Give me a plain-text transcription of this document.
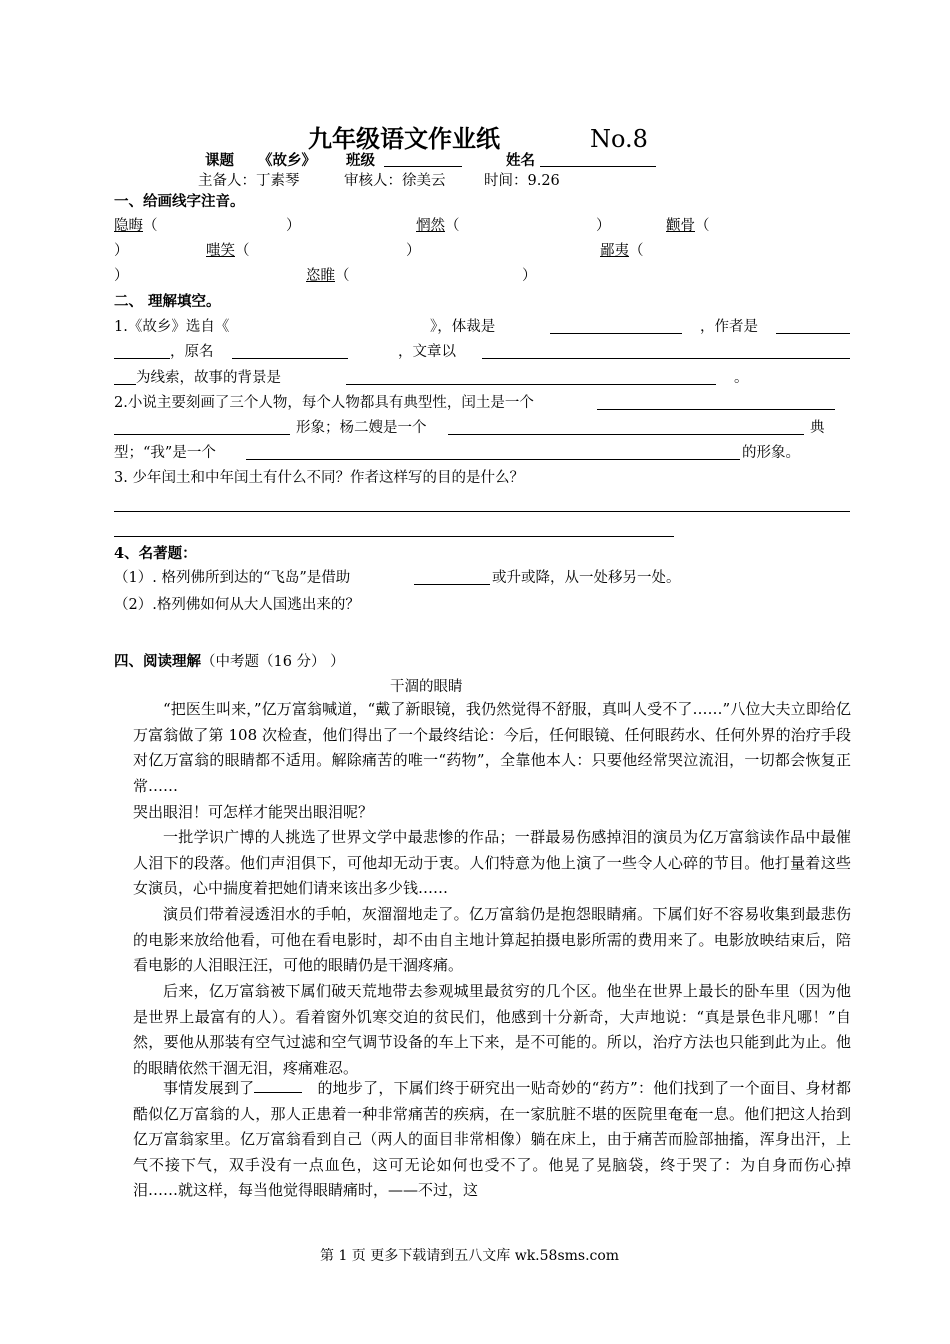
九年级语文作业纸	No.8
课题 《故乡》 班级	姓名
主备人：丁素琴	审核人：徐美云	时间：9.26
一、给画线字注音。
隐晦（	）	惘然（	）	颧骨（
）	嗤笑（	）	鄙夷（
）	恣睢（	）
二、 理解填空。
1.《故乡》选自《	》，体裁是	，作者是
，原名	，文章以
为线索，故事的背景是	。
2.小说主要刻画了三个人物，每个人物都具有典型性，闰土是一个
形象；杨二嫂是一个	典
型；“我”是一个	的形象。
3. 少年闰土和中年闰土有什么不同？作者这样写的目的是什么？
4、名著题：
（1）. 格列佛所到达的“飞岛”是借助	或升或降，从一处移另一处。
（2）.格列佛如何从大人国逃出来的？
四、阅读理解（中考题（16 分） ）
干涸的眼睛
“把医生叫来，”亿万富翁喊道，“戴了新眼镜，我仍然觉得不舒服，真叫人受不了……”八位大夫立即给亿万富翁做了第 108 次检查，他们得出了一个最终结论：今后，任何眼镜、任何眼药水、任何外界的治疗手段对亿万富翁的眼睛都不适用。解除痛苦的唯一“药物”，全靠他本人：只要他经常哭泣流泪，一切都会恢复正常……
哭出眼泪！可怎样才能哭出眼泪呢？
一批学识广博的人挑选了世界文学中最悲惨的作品；一群最易伤感掉泪的演员为亿万富翁读作品中最催人泪下的段落。他们声泪俱下，可他却无动于衷。人们特意为他上演了一些令人心碎的节目。他打量着这些女演员，心中揣度着把她们请来该出多少钱……
演员们带着浸透泪水的手帕，灰溜溜地走了。亿万富翁仍是抱怨眼睛痛。下属们好不容易收集到最悲伤的电影来放给他看，可他在看电影时，却不由自主地计算起拍摄电影所需的费用来了。电影放映结束后，陪看电影的人泪眼汪汪，可他的眼睛仍是干涸疼痛。
后来，亿万富翁被下属们破天荒地带去参观城里最贫穷的几个区。他坐在世界上最长的卧车里（因为他是世界上最富有的人）。看着窗外饥寒交迫的贫民们，他感到十分新奇，大声地说：“真是景色非凡哪！”自然，要他从那装有空气过滤和空气调节设备的车上下来，是不可能的。所以，治疗方法也只能到此为止。他的眼睛依然干涸无泪，疼痛难忍。
事情发展到了	的地步了，下属们终于研究出一贴奇妙的“药方”：他们找到了一个面目、身材都酷似亿万富翁的人，那人正患着一种非常痛苦的疾病，在一家肮脏不堪的医院里奄奄一息。他们把这人抬到亿万富翁家里。亿万富翁看到自己（两人的面目非常相像）躺在床上，由于痛苦而脸部抽搐，浑身出汗，上气不接下气，双手没有一点血色，这可无论如何也受不了。他晃了晃脑袋，终于哭了：为自身而伤心掉泪……就这样，每当他觉得眼睛痛时，——不过，这
第 1 页 更多下载请到五八文库 wk.58sms.com
